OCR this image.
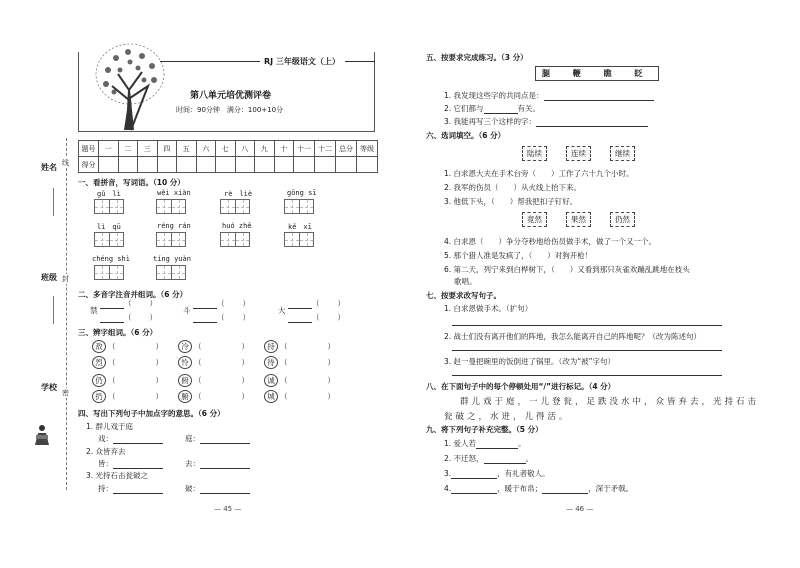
姓名 线
班级 封
学校
密
RJ 三年级语文（上）
第八单元培优测评卷
时间：90分钟　满分：100+10分
题号	一	二	三	四	五	六	七	八	九	十	十一	十二	总分	等级
得分														
一、看拼音，写词语。（10 分）
gǔ　lì	wěi xiàn	rè　liè	gōng sī
lì　qū	réng rán	huó zhě	kě　xī
chéng shì	tíng yuàn
二、多音字注音并组词。（6 分）
禁
（ ）
（ ）
斗
（ ）
（ ）
大
（ ）
（ ）
三、辨字组词。（6 分）
敌 （	）	冷 （	）	持 （	）
烈 （	）	怜 （	）	待 （	）
仍 （	）	俯 （	）	诚 （	）
扔 （	）	腑 （	）	城 （	）
四、写出下列句子中加点字的意思。（6 分）
1. 群儿戏于庭
戏：	庭：
2. 众皆弃去
皆：	去：
3. 光持石击瓮破之
持：	破：
— 45 —
五、按要求完成练习。（3 分）
腿 鞭 瞧 眨
1. 我发现这些字的共同点是：
2. 它们都与	有关。
3. 我能再写三个这样的字：
六、选词填空。（6 分）
陆续	连续	继续
1. 白求恩大夫在手术台旁（　　）工作了六十九个小时。
2. 我军的伤员（　　）从火线上抬下来。
3. 他低下头，（　　）帮我把扣子钉好。
竟然	果然	仍然
4. 白求恩（　　）争分夺秒地给伤员做手术，做了一个又一个。
5. 那个猎人准是发疯了，（　　）对狗开枪！
6. 第二天，列宁来到白桦树下，（　　）又看到那只灰雀欢蹦乱跳地在枝头
歌唱。
七、按要求改写句子。
1. 白求恩做手术。（扩句）
2. 战士们没有离开他们的阵地，我怎么能离开自己的阵地呢？（改为陈述句）
3. 赵一曼把碗里的饭倒进了锅里。（改为“被”字句）
八、在下面句子中的每个停顿处用“/”进行标记。（4 分）
群儿戏于庭，一儿登瓮，足跌没水中，众皆弃去，光持石击
瓮破之，水迸，儿得活。
九、将下列句子补充完整。（5 分）
1. 爱人若	。
2. 不迁怒，	。
3.	，有礼者敬人。
4.	，暖于布帛；	，深于矛戟。
— 46 —
